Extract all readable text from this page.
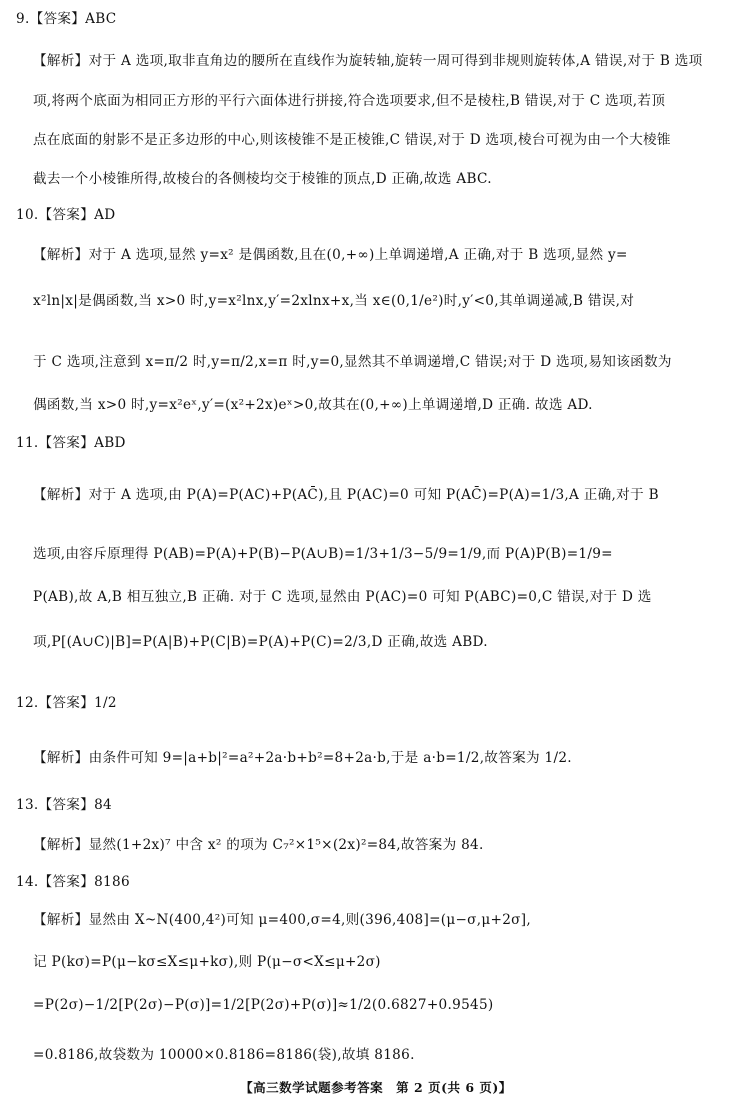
9.【答案】ABC
【解析】对于 A 选项,取非直角边的腰所在直线作为旋转轴,旋转一周可得到非规则旋转体,A 错误,对于 B 选项
项,将两个底面为相同正方形的平行六面体进行拼接,符合选项要求,但不是棱柱,B 错误,对于 C 选项,若顶
点在底面的射影不是正多边形的中心,则该棱锥不是正棱锥,C 错误,对于 D 选项,棱台可视为由一个大棱锥
截去一个小棱锥所得,故棱台的各侧棱均交于棱锥的顶点,D 正确,故选 ABC.
10.【答案】AD
【解析】对于 A 选项,显然 y=x² 是偶函数,且在(0,+∞)上单调递增,A 正确,对于 B 选项,显然 y=
x²ln|x|是偶函数,当 x>0 时,y=x²lnx,y′=2xlnx+x,当 x∈(0,1/e²)时,y′<0,其单调递减,B 错误,对
于 C 选项,注意到 x=π/2 时,y=π/2,x=π 时,y=0,显然其不单调递增,C 错误;对于 D 选项,易知该函数为
偶函数,当 x>0 时,y=x²eˣ,y′=(x²+2x)eˣ>0,故其在(0,+∞)上单调递增,D 正确. 故选 AD.
11.【答案】ABD
【解析】对于 A 选项,由 P(A)=P(AC)+P(AC̄),且 P(AC)=0 可知 P(AC̄)=P(A)=1/3,A 正确,对于 B
选项,由容斥原理得 P(AB)=P(A)+P(B)−P(A∪B)=1/3+1/3−5/9=1/9,而 P(A)P(B)=1/9=
P(AB),故 A,B 相互独立,B 正确. 对于 C 选项,显然由 P(AC)=0 可知 P(ABC)=0,C 错误,对于 D 选
项,P[(A∪C)|B]=P(A|B)+P(C|B)=P(A)+P(C)=2/3,D 正确,故选 ABD.
12.【答案】1/2
【解析】由条件可知 9=|a+b|²=a²+2a·b+b²=8+2a·b,于是 a·b=1/2,故答案为 1/2.
13.【答案】84
【解析】显然(1+2x)⁷ 中含 x² 的项为 C₇²×1⁵×(2x)²=84,故答案为 84.
14.【答案】8186
【解析】显然由 X~N(400,4²)可知 μ=400,σ=4,则(396,408]=(μ−σ,μ+2σ],
记 P(kσ)=P(μ−kσ≤X≤μ+kσ),则 P(μ−σ<X≤μ+2σ)
=P(2σ)−1/2[P(2σ)−P(σ)]=1/2[P(2σ)+P(σ)]≈1/2(0.6827+0.9545)
=0.8186,故袋数为 10000×0.8186=8186(袋),故填 8186.
【高三数学试题参考答案　第 2 页(共 6 页)】
